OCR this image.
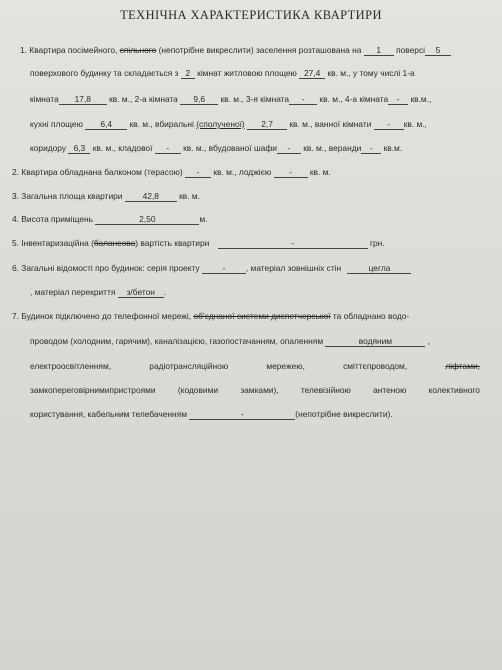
ТЕХНІЧНА ХАРАКТЕРИСТИКА КВАРТИРИ
1. Квартира посімейного, спільного (непотрібне викреслити) заселення розташована на 1 поверсі 5
поверхового будинку та складається з 2 кімнат житловою площею 27,4 кв. м., у тому числі 1-а
кімната 17,8 кв. м., 2-а кімната 9,6 кв. м., 3-я кімната - кв. м., 4-а кімната - кв.м.,
кухні площею 6,4 кв. м., вбиральні (сполученої) 2,7 кв. м., ванної кімнати - кв. м.,
коридору 6,3 кв. м., кладової - кв. м., вбудованої шафи - кв. м., веранди - кв.м.
2. Квартира обладнана балконом (терасою) - кв. м., лоджією - кв. м.
3. Загальна площа квартири 42,8 кв. м.
4. Висота приміщень	2,50	м.
5. Інвентаризаційна (балансова) вартість квартири	-	грн.
6. Загальні відомості про будинок: серія проекту	- , матеріал зовнішніх стін	цегла
, матеріал перекриття з/бетон .
7. Будинок підключено до телефонної мережі, об'єднаної системи диспетчерської та обладнано водо-
проводом (холодним, гарячим), каналізацією, газопостачанням, опаленням	водяним	,
електроосвітленням,	радіотрансляційною	мережею,	сміттєпроводом,	ліфтами,
замкопереговірнимипристроями	(кодовими	замками),	телевізійною	антеною	колективного
користування, кабельним телебаченням	-	(непотрібне викреслити).
